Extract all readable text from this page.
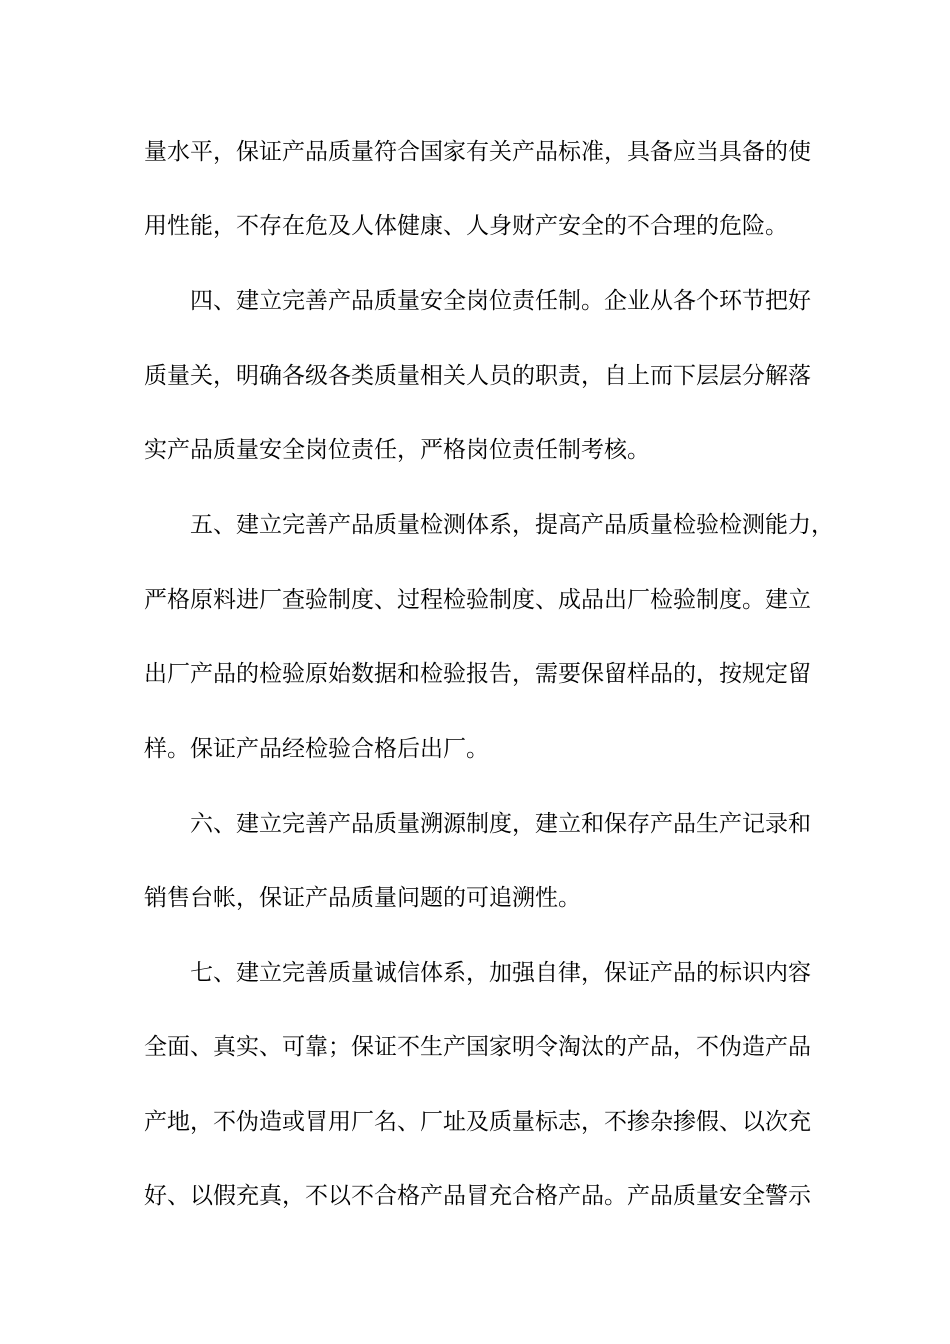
量水平，保证产品质量符合国家有关产品标准，具备应当具备的使
用性能，不存在危及人体健康、人身财产安全的不合理的危险。
四、建立完善产品质量安全岗位责任制。企业从各个环节把好
质量关，明确各级各类质量相关人员的职责，自上而下层层分解落
实产品质量安全岗位责任，严格岗位责任制考核。
五、建立完善产品质量检测体系，提高产品质量检验检测能力，
严格原料进厂查验制度、过程检验制度、成品出厂检验制度。建立
出厂产品的检验原始数据和检验报告，需要保留样品的，按规定留
样。保证产品经检验合格后出厂。
六、建立完善产品质量溯源制度，建立和保存产品生产记录和
销售台帐，保证产品质量问题的可追溯性。
七、建立完善质量诚信体系，加强自律，保证产品的标识内容
全面、真实、可靠；保证不生产国家明令淘汰的产品，不伪造产品
产地，不伪造或冒用厂名、厂址及质量标志，不掺杂掺假、以次充
好、以假充真，不以不合格产品冒充合格产品。产品质量安全警示
